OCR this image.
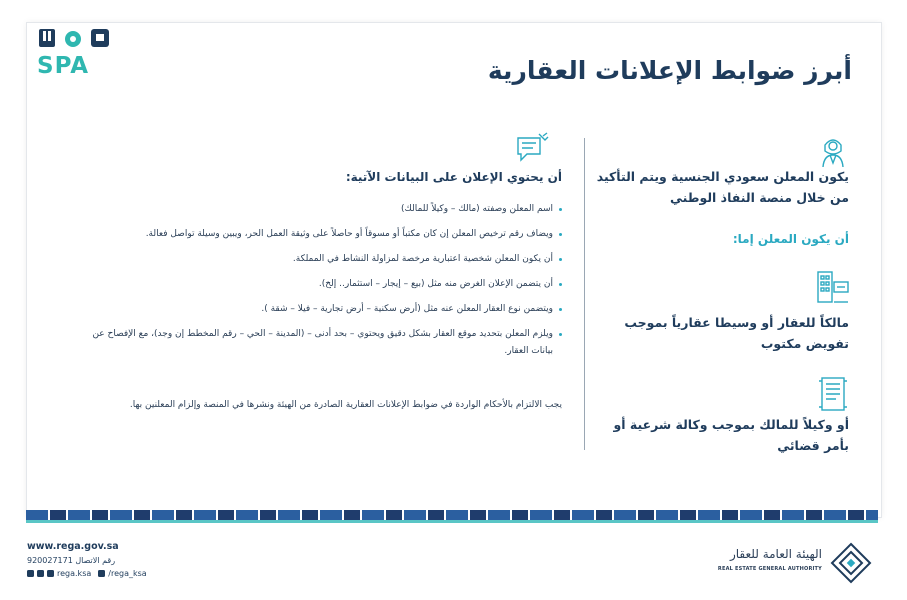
SPA	أبرز ضوابط الإعلانات العقارية
يكون المعلن سعودي الجنسية ويتم التأكيد من خلال منصة النفاذ الوطني
أن يكون المعلن إما:
مالكاً للعقار أو وسيطا عقارياً بموجب تفويض مكتوب
أو وكيلاً للمالك بموجب وكالة شرعية أو بأمر قضائي
أن يحتوي الإعلان على البيانات الآتية:
اسم المعلن وصفته (مالك – وكيلاً للمالك)
ويضاف رقم ترخيص المعلن إن كان مكتباً أو مسوقاً أو حاصلاً على وثيقة العمل الحر، ويبين وسيلة تواصل فعالة.
أن يكون المعلن شخصية اعتبارية مرخصة لمزاولة النشاط في المملكة.
أن يتضمن الإعلان الغرض منه مثل (بيع – إيجار – استثمار.. إلخ).
ويتضمن نوع العقار المعلن عنه مثل (أرض سكنية – أرض تجارية – فيلا – شقة ).
ويلزم المعلن بتحديد موقع العقار بشكل دقيق ويحتوي – بحد أدنى – (المدينة – الحي – رقم المخطط إن وجد)، مع الإفصاح عن بيانات العقار.
يجب الالتزام بالأحكام الواردة في ضوابط الإعلانات العقارية الصادرة من الهيئة ونشرها في المنصة وإلزام المعلنين بها.
www.rega.gov.sa
رقم الاتصال 920027171
rega.ksa /rega_ksa
الهيئة العامة للعقار
REAL ESTATE GENERAL AUTHORITY
